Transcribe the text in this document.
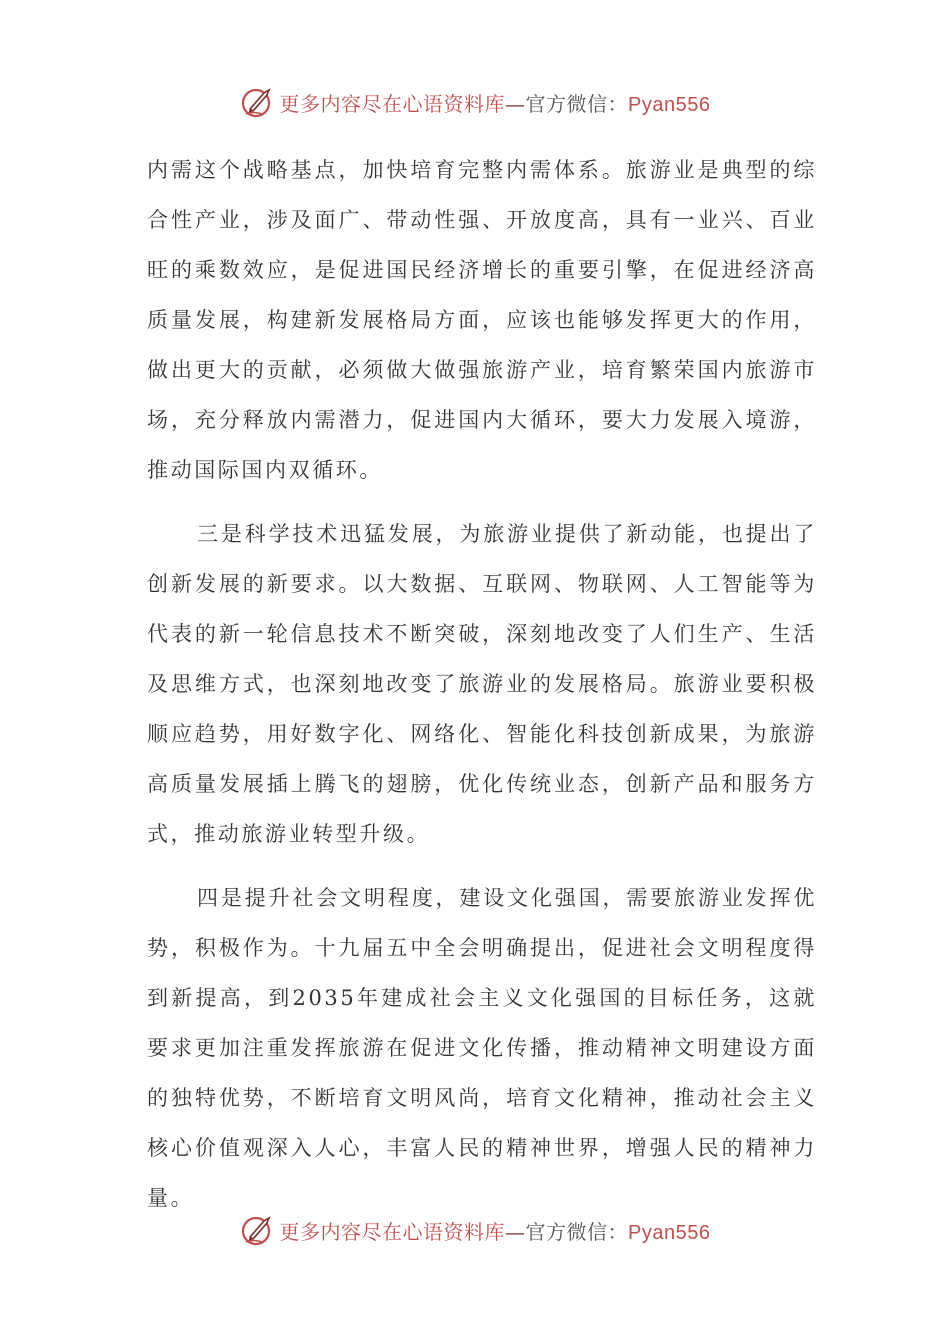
更多内容尽在心语资料库—官方微信：Pyan556

内需这个战略基点，加快培育完整内需体系。旅游业是典型的综合性产业，涉及面广、带动性强、开放度高，具有一业兴、百业旺的乘数效应，是促进国民经济增长的重要引擎，在促进经济高质量发展，构建新发展格局方面，应该也能够发挥更大的作用，做出更大的贡献，必须做大做强旅游产业，培育繁荣国内旅游市场，充分释放内需潜力，促进国内大循环，要大力发展入境游，推动国际国内双循环。

三是科学技术迅猛发展，为旅游业提供了新动能，也提出了创新发展的新要求。以大数据、互联网、物联网、人工智能等为代表的新一轮信息技术不断突破，深刻地改变了人们生产、生活及思维方式，也深刻地改变了旅游业的发展格局。旅游业要积极顺应趋势，用好数字化、网络化、智能化科技创新成果，为旅游高质量发展插上腾飞的翅膀，优化传统业态，创新产品和服务方式，推动旅游业转型升级。

四是提升社会文明程度，建设文化强国，需要旅游业发挥优势，积极作为。十九届五中全会明确提出，促进社会文明程度得到新提高，到2035年建成社会主义文化强国的目标任务，这就要求更加注重发挥旅游在促进文化传播，推动精神文明建设方面的独特优势，不断培育文明风尚，培育文化精神，推动社会主义核心价值观深入人心，丰富人民的精神世界，增强人民的精神力量。

更多内容尽在心语资料库—官方微信：Pyan556
